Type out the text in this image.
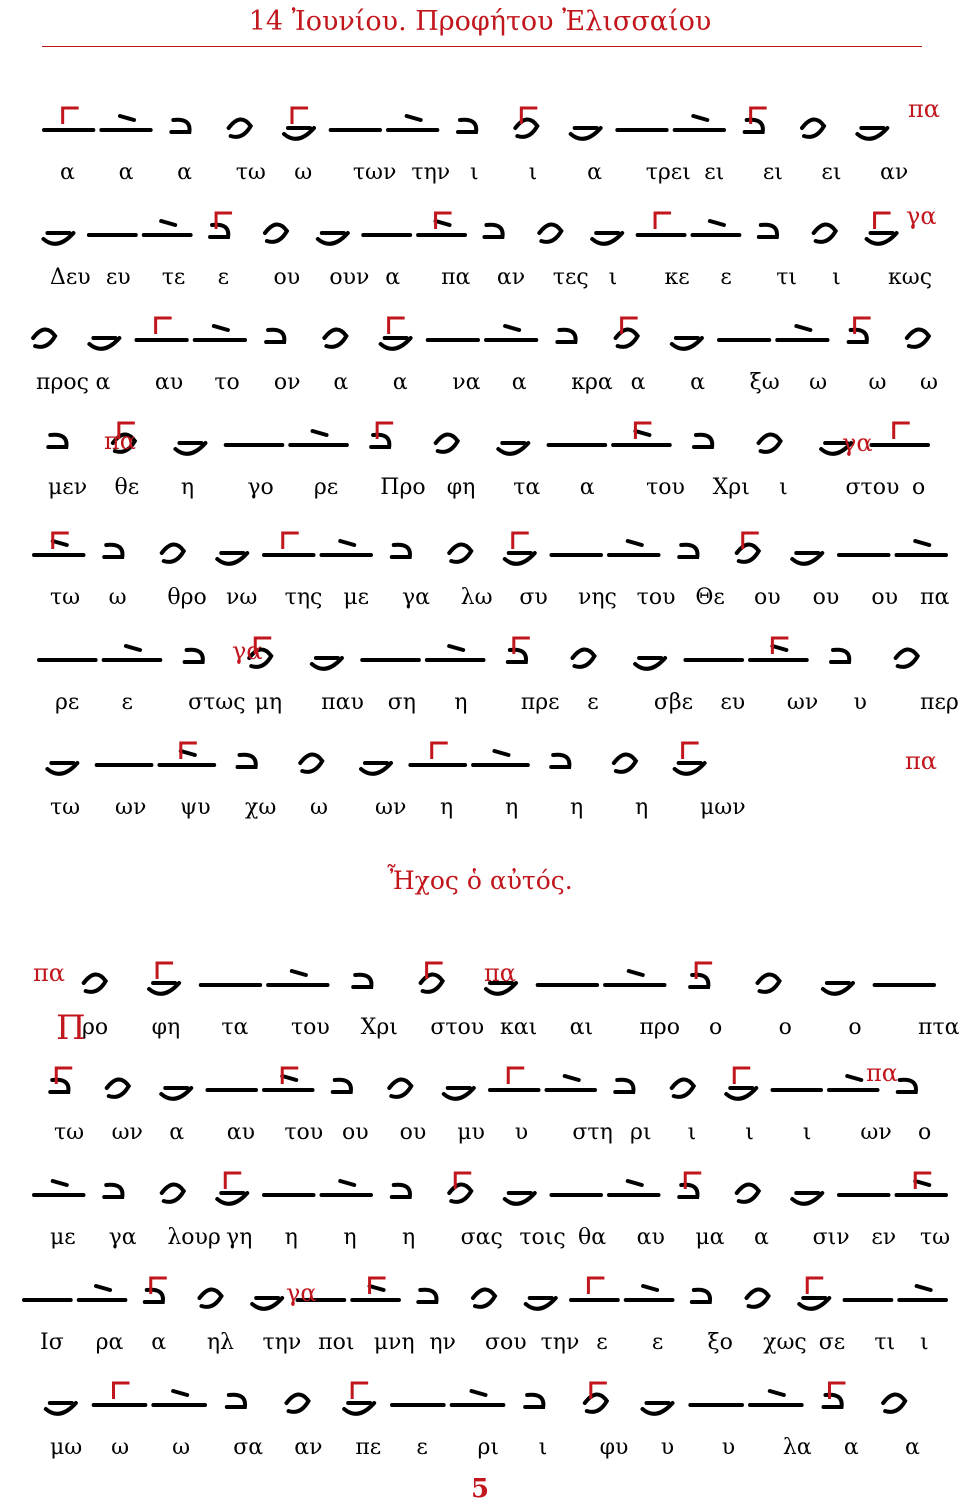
14 Ἰουνίου. Προφήτου Ἐλισσαίου
α α α τω ω των την ι ι α τρει ει ει ει αν
πα
Δευ ευ τε ε ου ουν α πα αν τες ι κε ε τι ι κως
γα
προς α αυ το ον α α να α κρα α α ξω ω ω ω
μεν θε η γο ρε Προ φη τα α του Χρι ι	στου ο
πα	γα
τω ω θρο νω της με γα λω συ νης του Θε ου ου ου πα
ρε ε	στως μη παυ ση η πρε ε	σβε ευ ων υ περ
γα
τω ων ψυ χω ω ων η η η η μων
πα
Π
ρο φη τα του Χρι στου και αι προ ο	ο	ο	πτα
πα	πα
τω ων α αυ του ου ου μυ υ στη ρι ι ι ι ων ο
πα
με γα λουρ γη η η η σας τοις θα αυ μα α σιν εν τω
Ισ ρα α ηλ την ποι μνη ην σου την ε ε ξο χως σε τι ι
γα
μω ω ω σα αν πε ε ρι ι φυ υ υ λα α α
Ἦχος ὁ αὐτός.
5
